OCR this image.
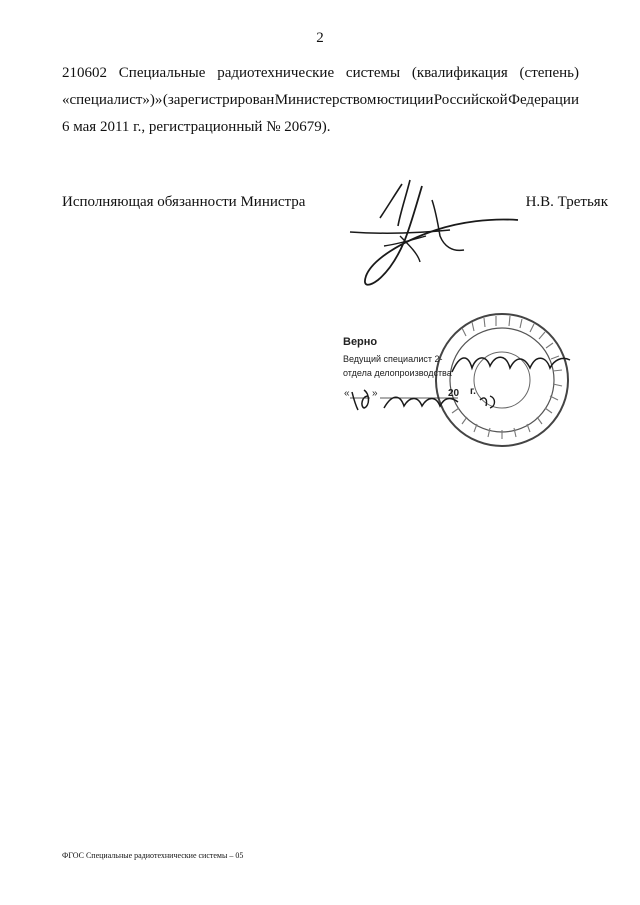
2
210602 Специальные радиотехнические системы (квалификация (степень)
«специалист»)» (зарегистрирован Министерством юстиции Российской Федерации
6 мая 2011 г., регистрационный № 20679).
Исполняющая обязанности Министра	Н.В. Третьяк
Верно
Ведущий специалист 2-
отдела делопроизводства
« »	20 г.
ФГОС Специальные радиотехнические системы – 05
